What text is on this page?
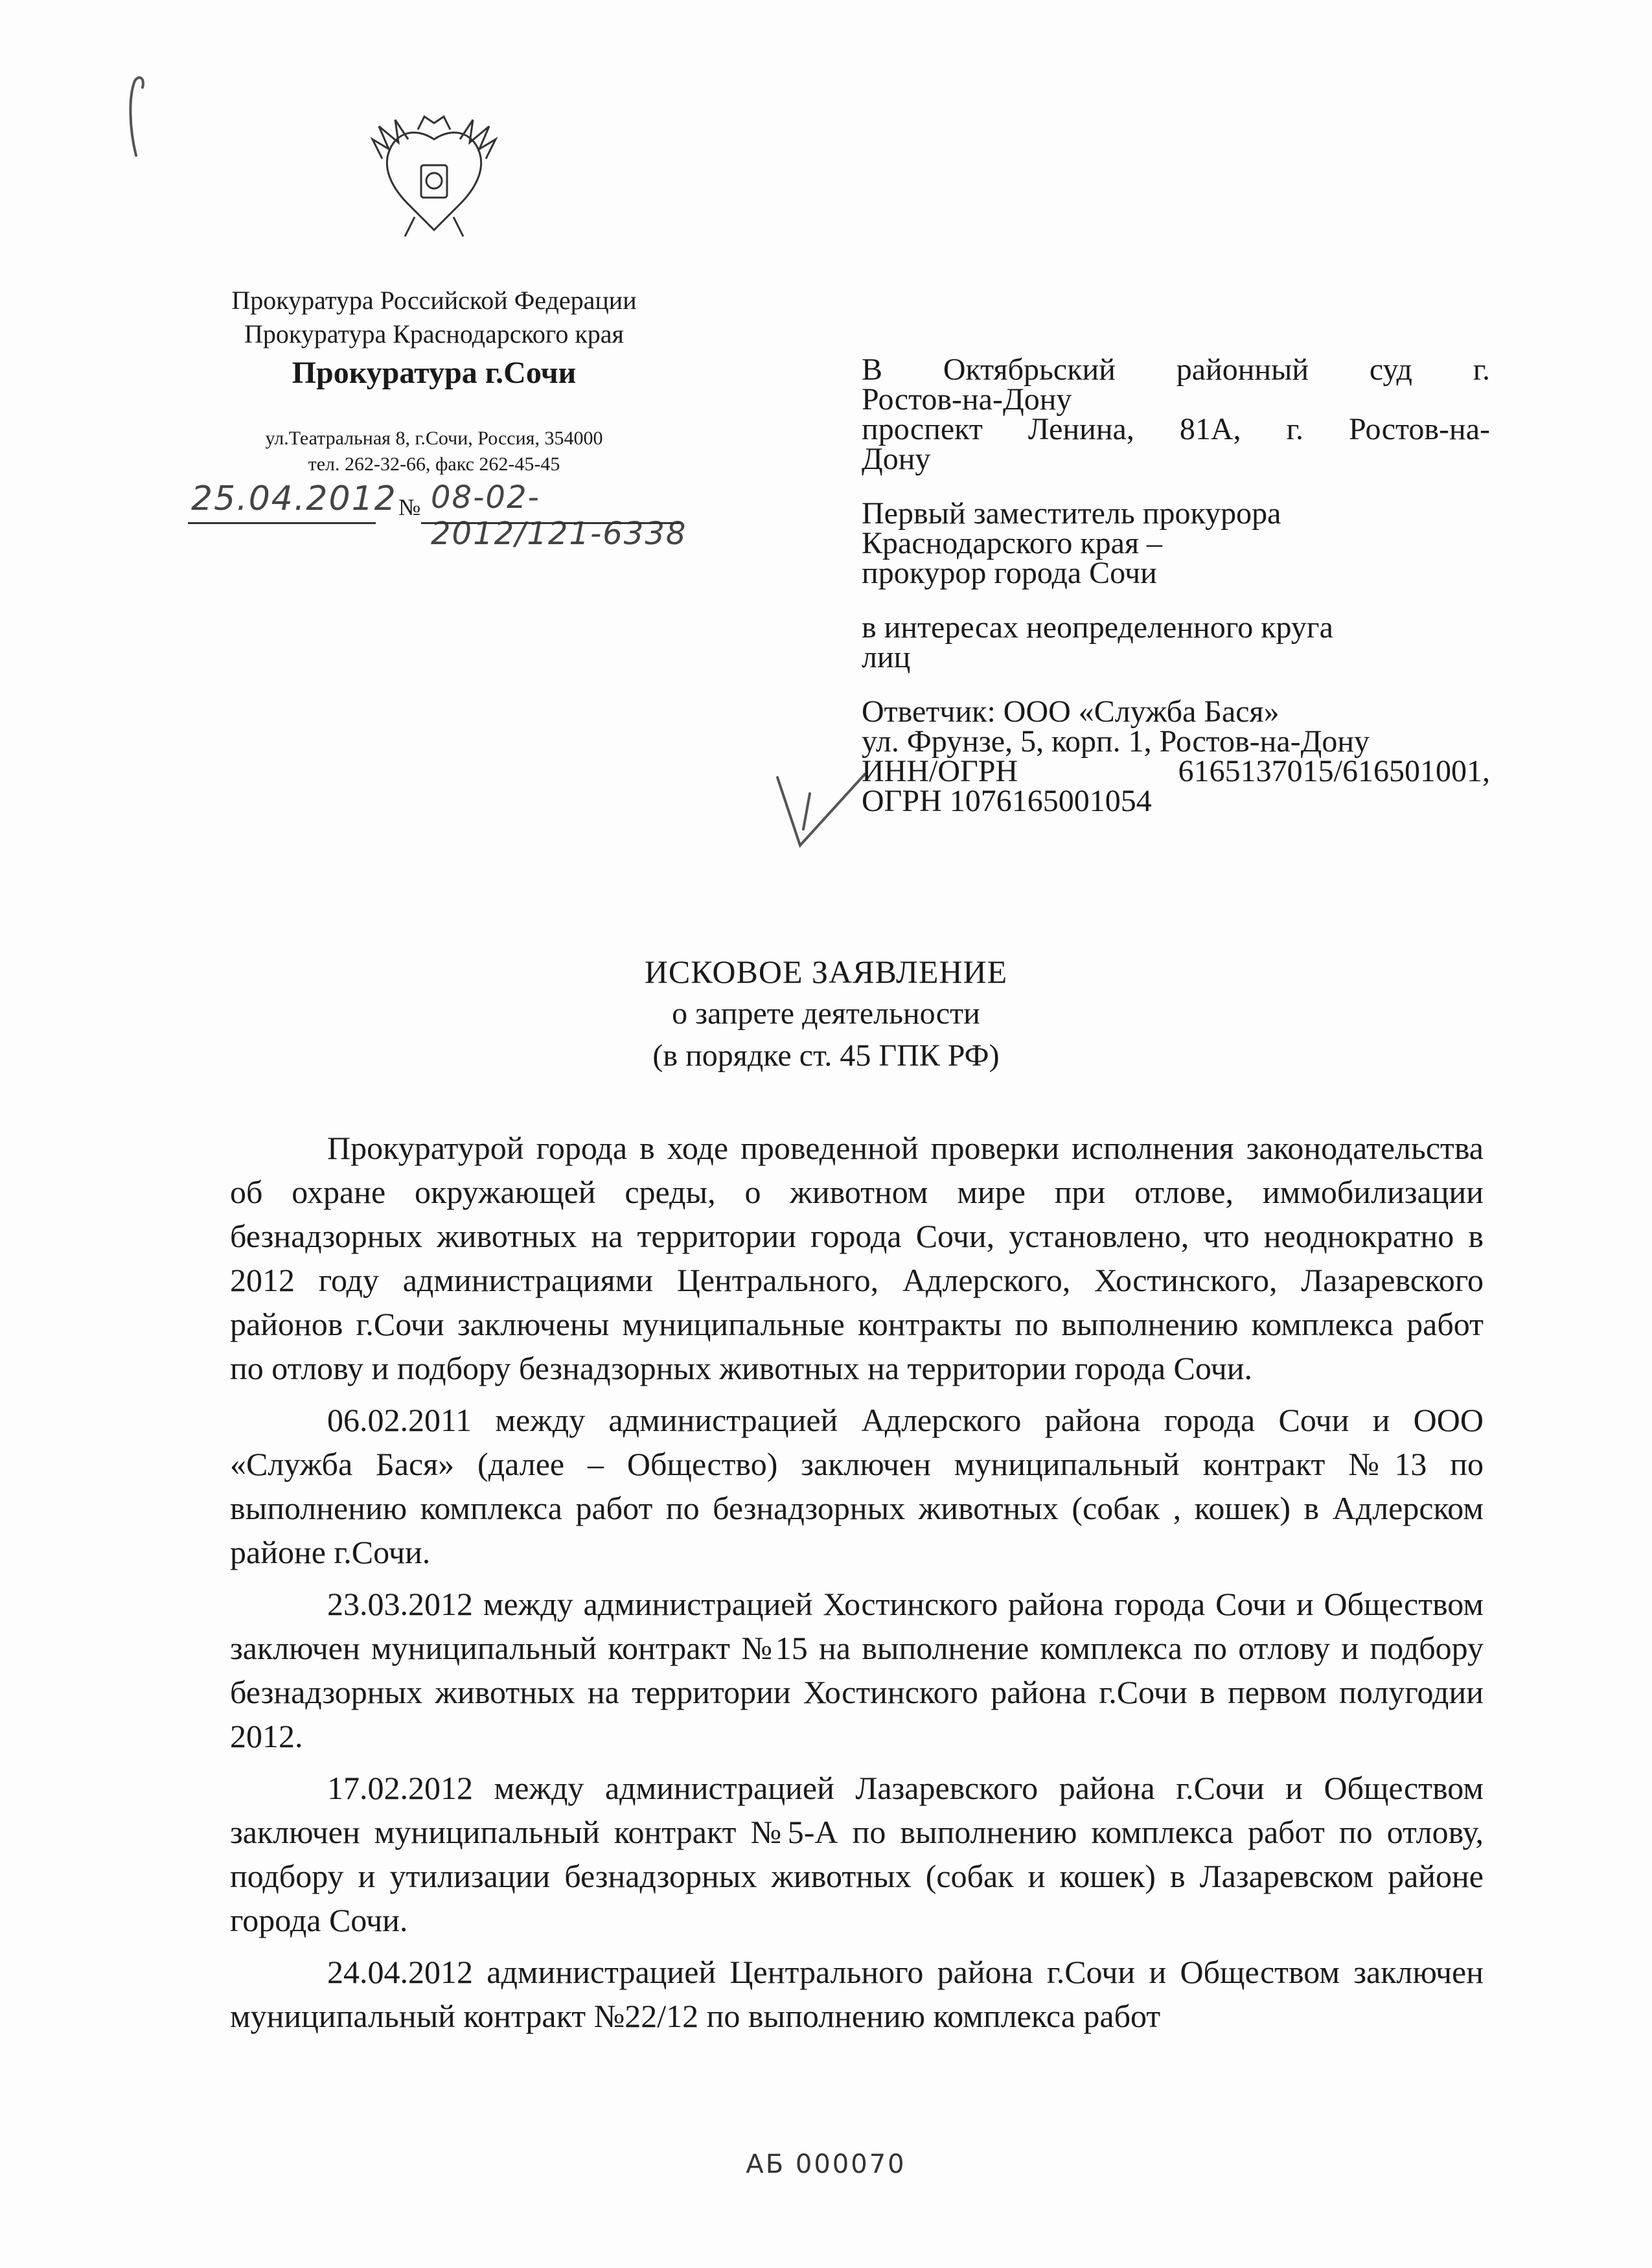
Прокуратура Российской Федерации
Прокуратура Краснодарского края
Прокуратура г.Сочи
ул.Театральная 8, г.Сочи, Россия, 354000
тел. 262-32-66, факс 262-45-45
25.04.2012 № 08-02-2012/121-6338

В Октябрьский районный суд г.

Ростов-на-Дону

проспект Ленина, 81А, г. Ростов-на-

Дону

Первый заместитель прокурора

Краснодарского края –

прокурор города Сочи

в интересах неопределенного круга

лиц

Ответчик: ООО «Служба Бася»

ул. Фрунзе, 5, корп. 1, Ростов-на-Дону

ИНН/ОГРН      6165137015/616501001,

ОГРН 1076165001054

ИСКОВОЕ ЗАЯВЛЕНИЕ
о запрете деятельности
(в порядке ст. 45 ГПК РФ)

Прокуратурой города в ходе проведенной проверки исполнения законодательства об охране окружающей среды, о животном мире при отлове, иммобилизации безнадзорных животных на территории города Сочи, установлено, что неоднократно в 2012 году администрациями Центрального, Адлерского, Хостинского, Лазаревского районов г.Сочи заключены муниципальные контракты по выполнению комплекса работ по отлову и подбору безнадзорных животных на территории города Сочи.

06.02.2011 между администрацией Адлерского района города Сочи и ООО «Служба Бася» (далее – Общество) заключен муниципальный контракт №13 по выполнению комплекса работ по безнадзорных животных (собак , кошек) в Адлерском районе г.Сочи.

23.03.2012 между администрацией Хостинского района города Сочи и Обществом заключен муниципальный контракт №15 на выполнение комплекса по отлову и подбору безнадзорных животных на территории Хостинского района г.Сочи в первом полугодии 2012.

17.02.2012 между администрацией Лазаревского района г.Сочи и Обществом заключен муниципальный контракт №5-А по выполнению комплекса работ по отлову, подбору и утилизации безнадзорных животных (собак и кошек) в Лазаревском районе города Сочи.

24.04.2012 администрацией Центрального района г.Сочи и Обществом заключен муниципальный контракт №22/12 по выполнению комплекса работ

АБ 000070
